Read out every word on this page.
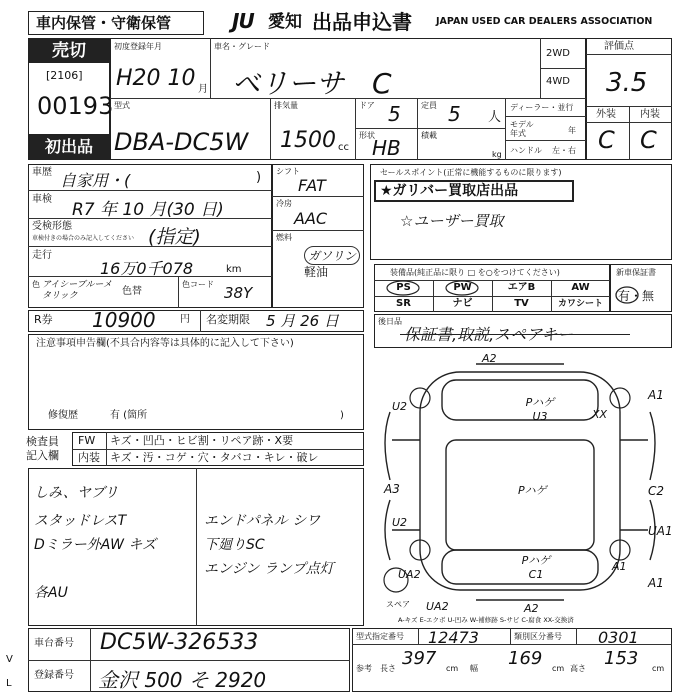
車内保管・守衛保管	JU 愛知 出品申込書	JAPAN USED CAR DEALERS ASSOCIATION
売切
[2106]
00193
初出品
初度登録年月
H20 10 月
車名・グレード
ベリーサ　C
2WD
4WD
型式
DBA-DC5W
排気量
1500 cc
ドア 5	定員 5 人
形状
HB
積載
kg
ディーラー・並行
モデル年式	年
ハンドル 左・右
評価点
3.5
外装 内装
C C
車歴 自家用・(	)
車検
R7 年 10 月(30 日)
受検形態
車検付きの場合のみ記入してください (指定)
走行
16万0千078	km
色 アイシーブルーメタリック	色替
色コード 38Y
シフト
FAT
冷房
AAC
燃料
ガソリン
軽油
セールスポイント(正常に機能するものに限ります)
★ガリバー買取店出品
☆ユーザー買取
装備品(純正品に限り □ を○をつけてください)
PS	PW	エアB	AW
SR	ナビ	TV	カワシート
新車保証書
有・無
R券 10900 円 名変期限 5 月 26 日	後日品
保証書,取説,スペアキー
注意事項申告欄(不具合内容等は具体的に記入して下さい)
修復歴	有 (箇所	)
検査員
記入欄
FW キズ・凹凸・ヒビ割・リペア跡・X要
内装 キズ・汚・コゲ・穴・タバコ・キレ・破レ
しみ、ヤブリ
スタッドレスT
Dミラー外AW キズ
各AU
エンドパネル シワ
下廻りSC
エンジン ランプ点灯
A2
U2	Pハゲ U3	XX
A1
A3	Pハゲ	C2
U2
UA1
UA2
Pハゲ C1
A1
UA2	A2
A1
スペア
A-キズ E-エクボ U-凹み W-補修跡 S-サビ C-腐食 XX-交換済
車台番号 DC5W-326533
登録番号 金沢 500 そ 2920
V
L
型式指定番号 12473	類別区分番号 0301
参考 長さ 397 cm 幅 169 cm 高さ 153 cm
